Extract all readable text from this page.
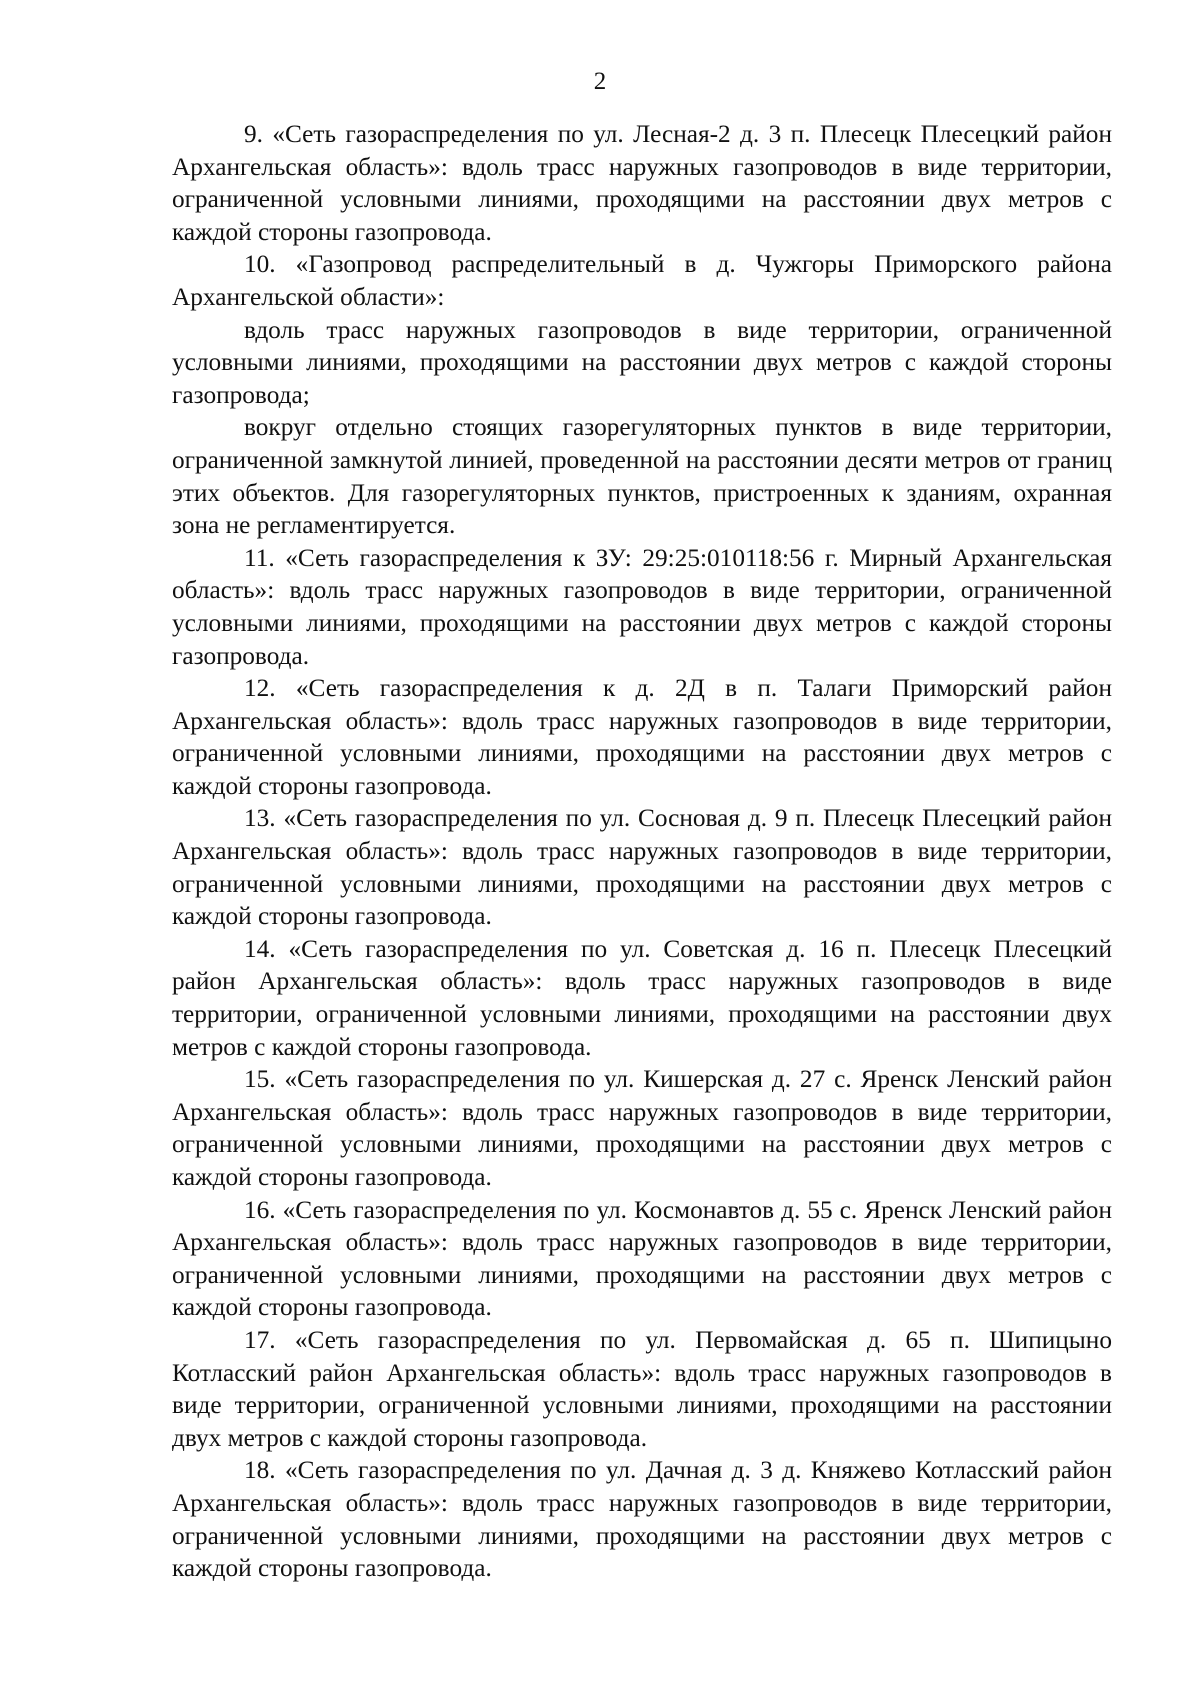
2

9. «Сеть газораспределения по ул. Лесная-2 д. 3 п. Плесецк Плесецкий район Архангельская область»: вдоль трасс наружных газопроводов в виде территории, ограниченной условными линиями, проходящими на расстоянии двух метров с каждой стороны газопровода.

10. «Газопровод распределительный в д. Чужгоры Приморского района Архангельской области»:

вдоль трасс наружных газопроводов в виде территории, ограниченной условными линиями, проходящими на расстоянии двух метров с каждой стороны газопровода;

вокруг отдельно стоящих газорегуляторных пунктов в виде территории, ограниченной замкнутой линией, проведенной на расстоянии десяти метров от границ этих объектов. Для газорегуляторных пунктов, пристроенных к зданиям, охранная зона не регламентируется.

11. «Сеть газораспределения к ЗУ: 29:25:010118:56 г. Мирный Архангельская область»: вдоль трасс наружных газопроводов в виде территории, ограниченной условными линиями, проходящими на расстоянии двух метров с каждой стороны газопровода.

12. «Сеть газораспределения к д. 2Д в п. Талаги Приморский район Архангельская область»: вдоль трасс наружных газопроводов в виде территории, ограниченной условными линиями, проходящими на расстоянии двух метров с каждой стороны газопровода.

13. «Сеть газораспределения по ул. Сосновая д. 9 п. Плесецк Плесецкий район Архангельская область»: вдоль трасс наружных газопроводов в виде территории, ограниченной условными линиями, проходящими на расстоянии двух метров с каждой стороны газопровода.

14. «Сеть газораспределения по ул. Советская д. 16 п. Плесецк Плесецкий район Архангельская область»: вдоль трасс наружных газопроводов в виде территории, ограниченной условными линиями, проходящими на расстоянии двух метров с каждой стороны газопровода.

15. «Сеть газораспределения по ул. Кишерская д. 27 с. Яренск Ленский район Архангельская область»: вдоль трасс наружных газопроводов в виде территории, ограниченной условными линиями, проходящими на расстоянии двух метров с каждой стороны газопровода.

16. «Сеть газораспределения по ул. Космонавтов д. 55 с. Яренск Ленский район Архангельская область»: вдоль трасс наружных газопроводов в виде территории, ограниченной условными линиями, проходящими на расстоянии двух метров с каждой стороны газопровода.

17. «Сеть газораспределения по ул. Первомайская д. 65 п. Шипицыно Котласский район Архангельская область»: вдоль трасс наружных газопроводов в виде территории, ограниченной условными линиями, проходящими на расстоянии двух метров с каждой стороны газопровода.

18. «Сеть газораспределения по ул. Дачная д. 3 д. Княжево Котласский район Архангельская область»: вдоль трасс наружных газопроводов в виде территории, ограниченной условными линиями, проходящими на расстоянии двух метров с каждой стороны газопровода.
